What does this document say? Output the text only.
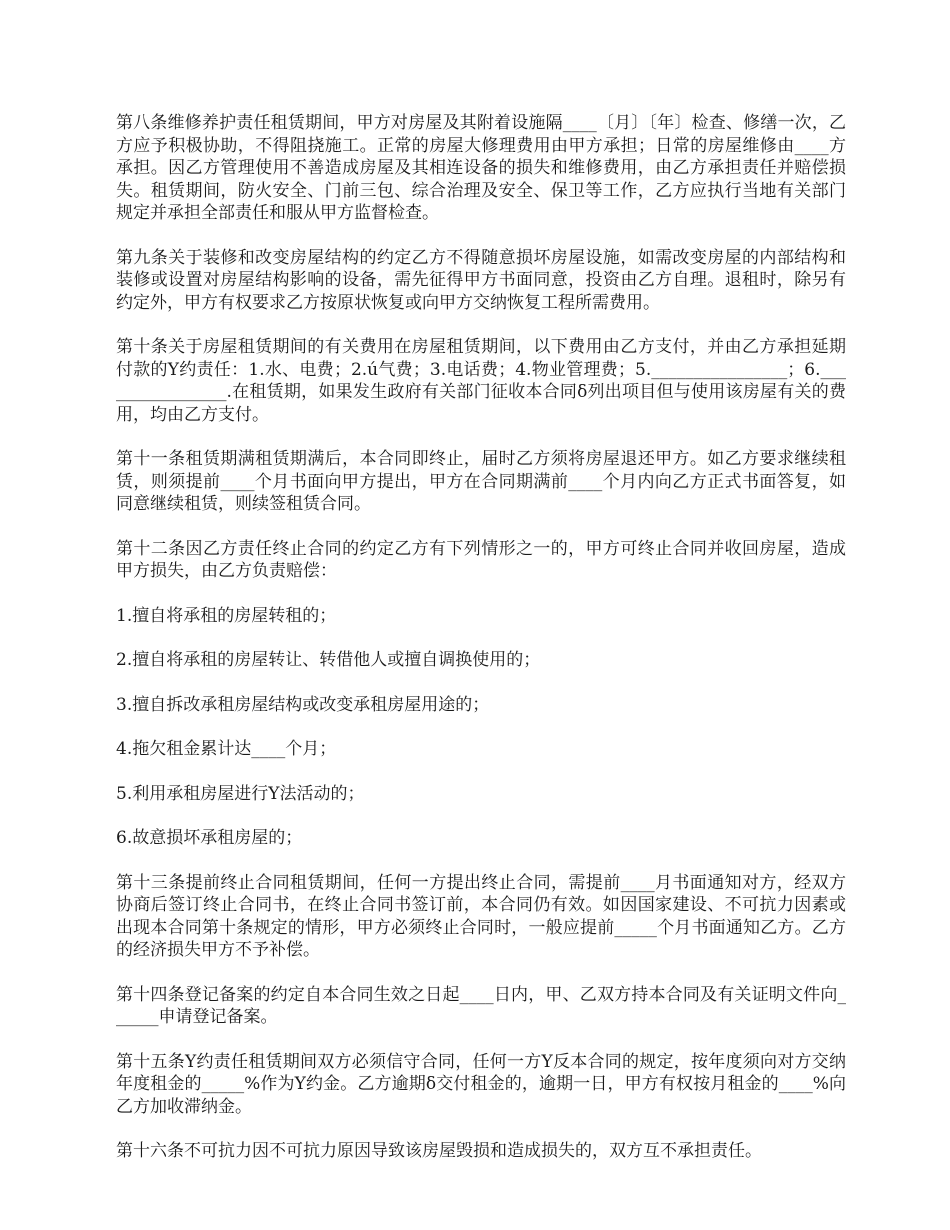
第八条维修养护责任租赁期间，甲方对房屋及其附着设施隔____〔月〕〔年〕检查、修缮一次，乙方应予积极协助，不得阻挠施工。正常的房屋大修理费用由甲方承担；日常的房屋维修由____方承担。因乙方管理使用不善造成房屋及其相连设备的损失和维修费用，由乙方承担责任并赔偿损失。租赁期间，防火安全、门前三包、综合治理及安全、保卫等工作，乙方应执行当地有关部门规定并承担全部责任和服从甲方监督检查。

第九条关于装修和改变房屋结构的约定乙方不得随意损坏房屋设施，如需改变房屋的内部结构和装修或设置对房屋结构影响的设备，需先征得甲方书面同意，投资由乙方自理。退租时，除另有约定外，甲方有权要求乙方按原状恢复或向甲方交纳恢复工程所需费用。

第十条关于房屋租赁期间的有关费用在房屋租赁期间，以下费用由乙方支付，并由乙方承担延期付款的Y约责任：1.水、电费；2.ú气费；3.电话费；4.物业管理费；5.________________；6.________________.在租赁期，如果发生政府有关部门征收本合同δ列出项目但与使用该房屋有关的费用，均由乙方支付。

第十一条租赁期满租赁期满后，本合同即终止，届时乙方须将房屋退还甲方。如乙方要求继续租赁，则须提前____个月书面向甲方提出，甲方在合同期满前____个月内向乙方正式书面答复，如同意继续租赁，则续签租赁合同。

第十二条因乙方责任终止合同的约定乙方有下列情形之一的，甲方可终止合同并收回房屋，造成甲方损失，由乙方负责赔偿：

1.擅自将承租的房屋转租的；

2.擅自将承租的房屋转让、转借他人或擅自调换使用的；

3.擅自拆改承租房屋结构或改变承租房屋用途的；

4.拖欠租金累计达____个月；

5.利用承租房屋进行Y法活动的；

6.故意损坏承租房屋的；

第十三条提前终止合同租赁期间，任何一方提出终止合同，需提前____月书面通知对方，经双方协商后签订终止合同书，在终止合同书签订前，本合同仍有效。如因国家建设、不可抗力因素或出现本合同第十条规定的情形，甲方必须终止合同时，一般应提前_____个月书面通知乙方。乙方的经济损失甲方不予补偿。

第十四条登记备案的约定自本合同生效之日起____日内，甲、乙双方持本合同及有关证明文件向______申请登记备案。

第十五条Y约责任租赁期间双方必须信守合同，任何一方Y反本合同的规定，按年度须向对方交纳年度租金的_____%作为Y约金。乙方逾期δ交付租金的，逾期一日，甲方有权按月租金的____%向乙方加收滞纳金。

第十六条不可抗力因不可抗力原因导致该房屋毁损和造成损失的，双方互不承担责任。
